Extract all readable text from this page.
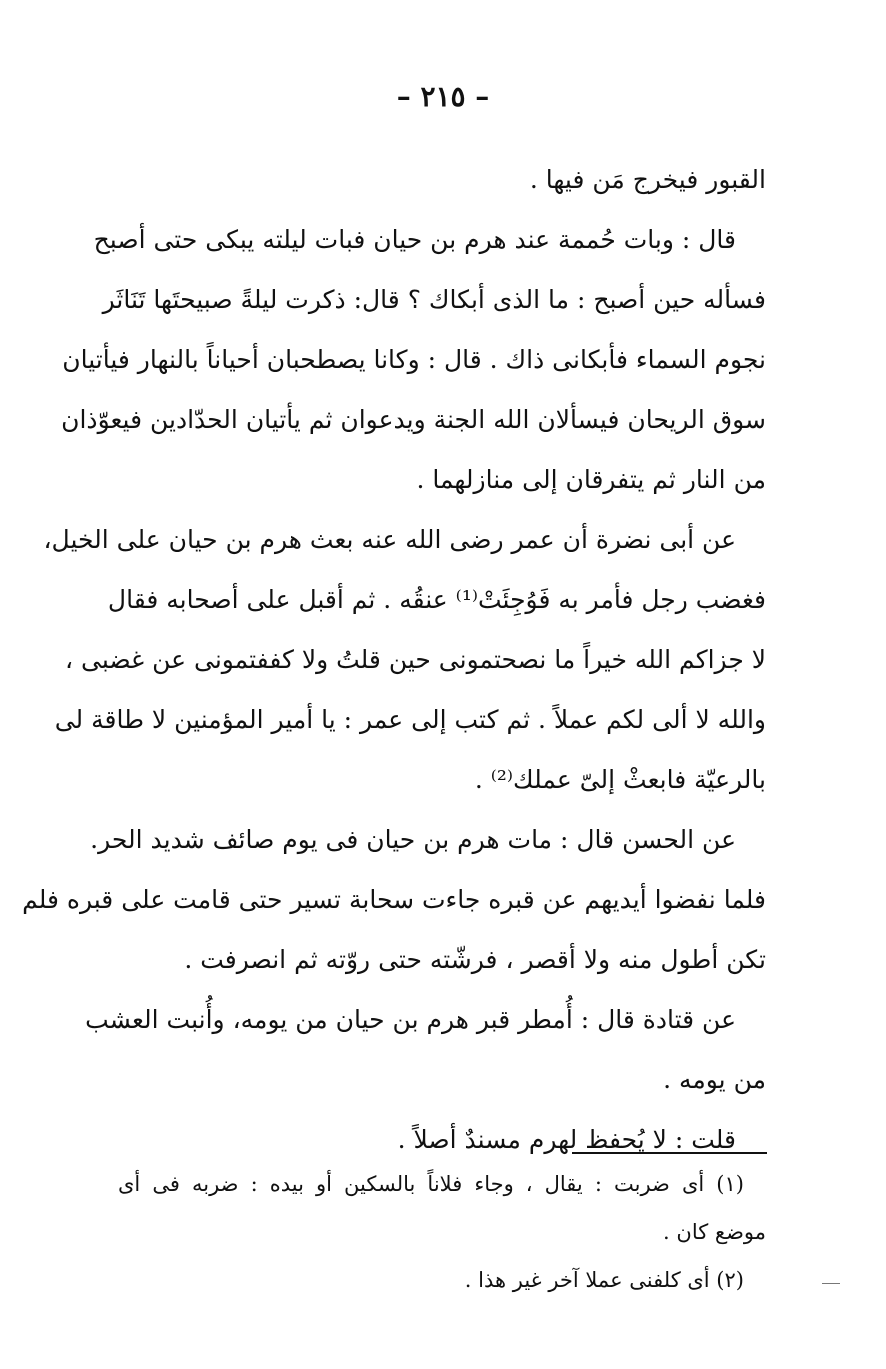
– ٢١٥ –
القبور فيخرج مَن فيها .
قال : وبات حُممة عند هرم بن حيان فبات ليلته يبكى حتى أصبح
فسأله حين أصبح : ما الذى أبكاك ؟ قال: ذكرت ليلةً صبيحتَها تَنَاثَر
نجوم السماء فأبكانى ذاك . قال : وكانا يصطحبان أحياناً بالنهار فيأتيان
سوق الريحان فيسألان الله الجنة ويدعوان ثم يأتيان الحدّادين فيعوّذان
من النار ثم يتفرقان إلى منازلهما .
عن أبى نضرة أن عمر رضى الله عنه بعث هرم بن حيان على الخيل،
فغضب رجل فأمر به فَوُجِئَتْ⁽¹⁾ عنقُه . ثم أقبل على أصحابه فقال
لا جزاكم الله خيراً ما نصحتمونى حين قلتُ ولا كففتمونى عن غضبى ،
والله لا ألى لكم عملاً . ثم كتب إلى عمر : يا أمير المؤمنين لا طاقة لى
بالرعيّة فابعثْ إلىّ عملك⁽²⁾ .
عن الحسن قال : مات هرم بن حيان فى يوم صائف شديد الحر.
فلما نفضوا أيديهم عن قبره جاءت سحابة تسير حتى قامت على قبره فلم
تكن أطول منه ولا أقصر ، فرشّته حتى روّته ثم انصرفت .
عن قتادة قال : أُمطر قبر هرم بن حيان من يومه، وأُنبت العشب
من يومه .
قلت : لا يُحفظ لهرم مسندٌ أصلاً .
(١) أى ضربت : يقال ، وجاء فلاناً بالسكين أو بيده : ضربه فى أى
موضع كان .
(٢) أى كلفنى عملا آخر غير هذا .
